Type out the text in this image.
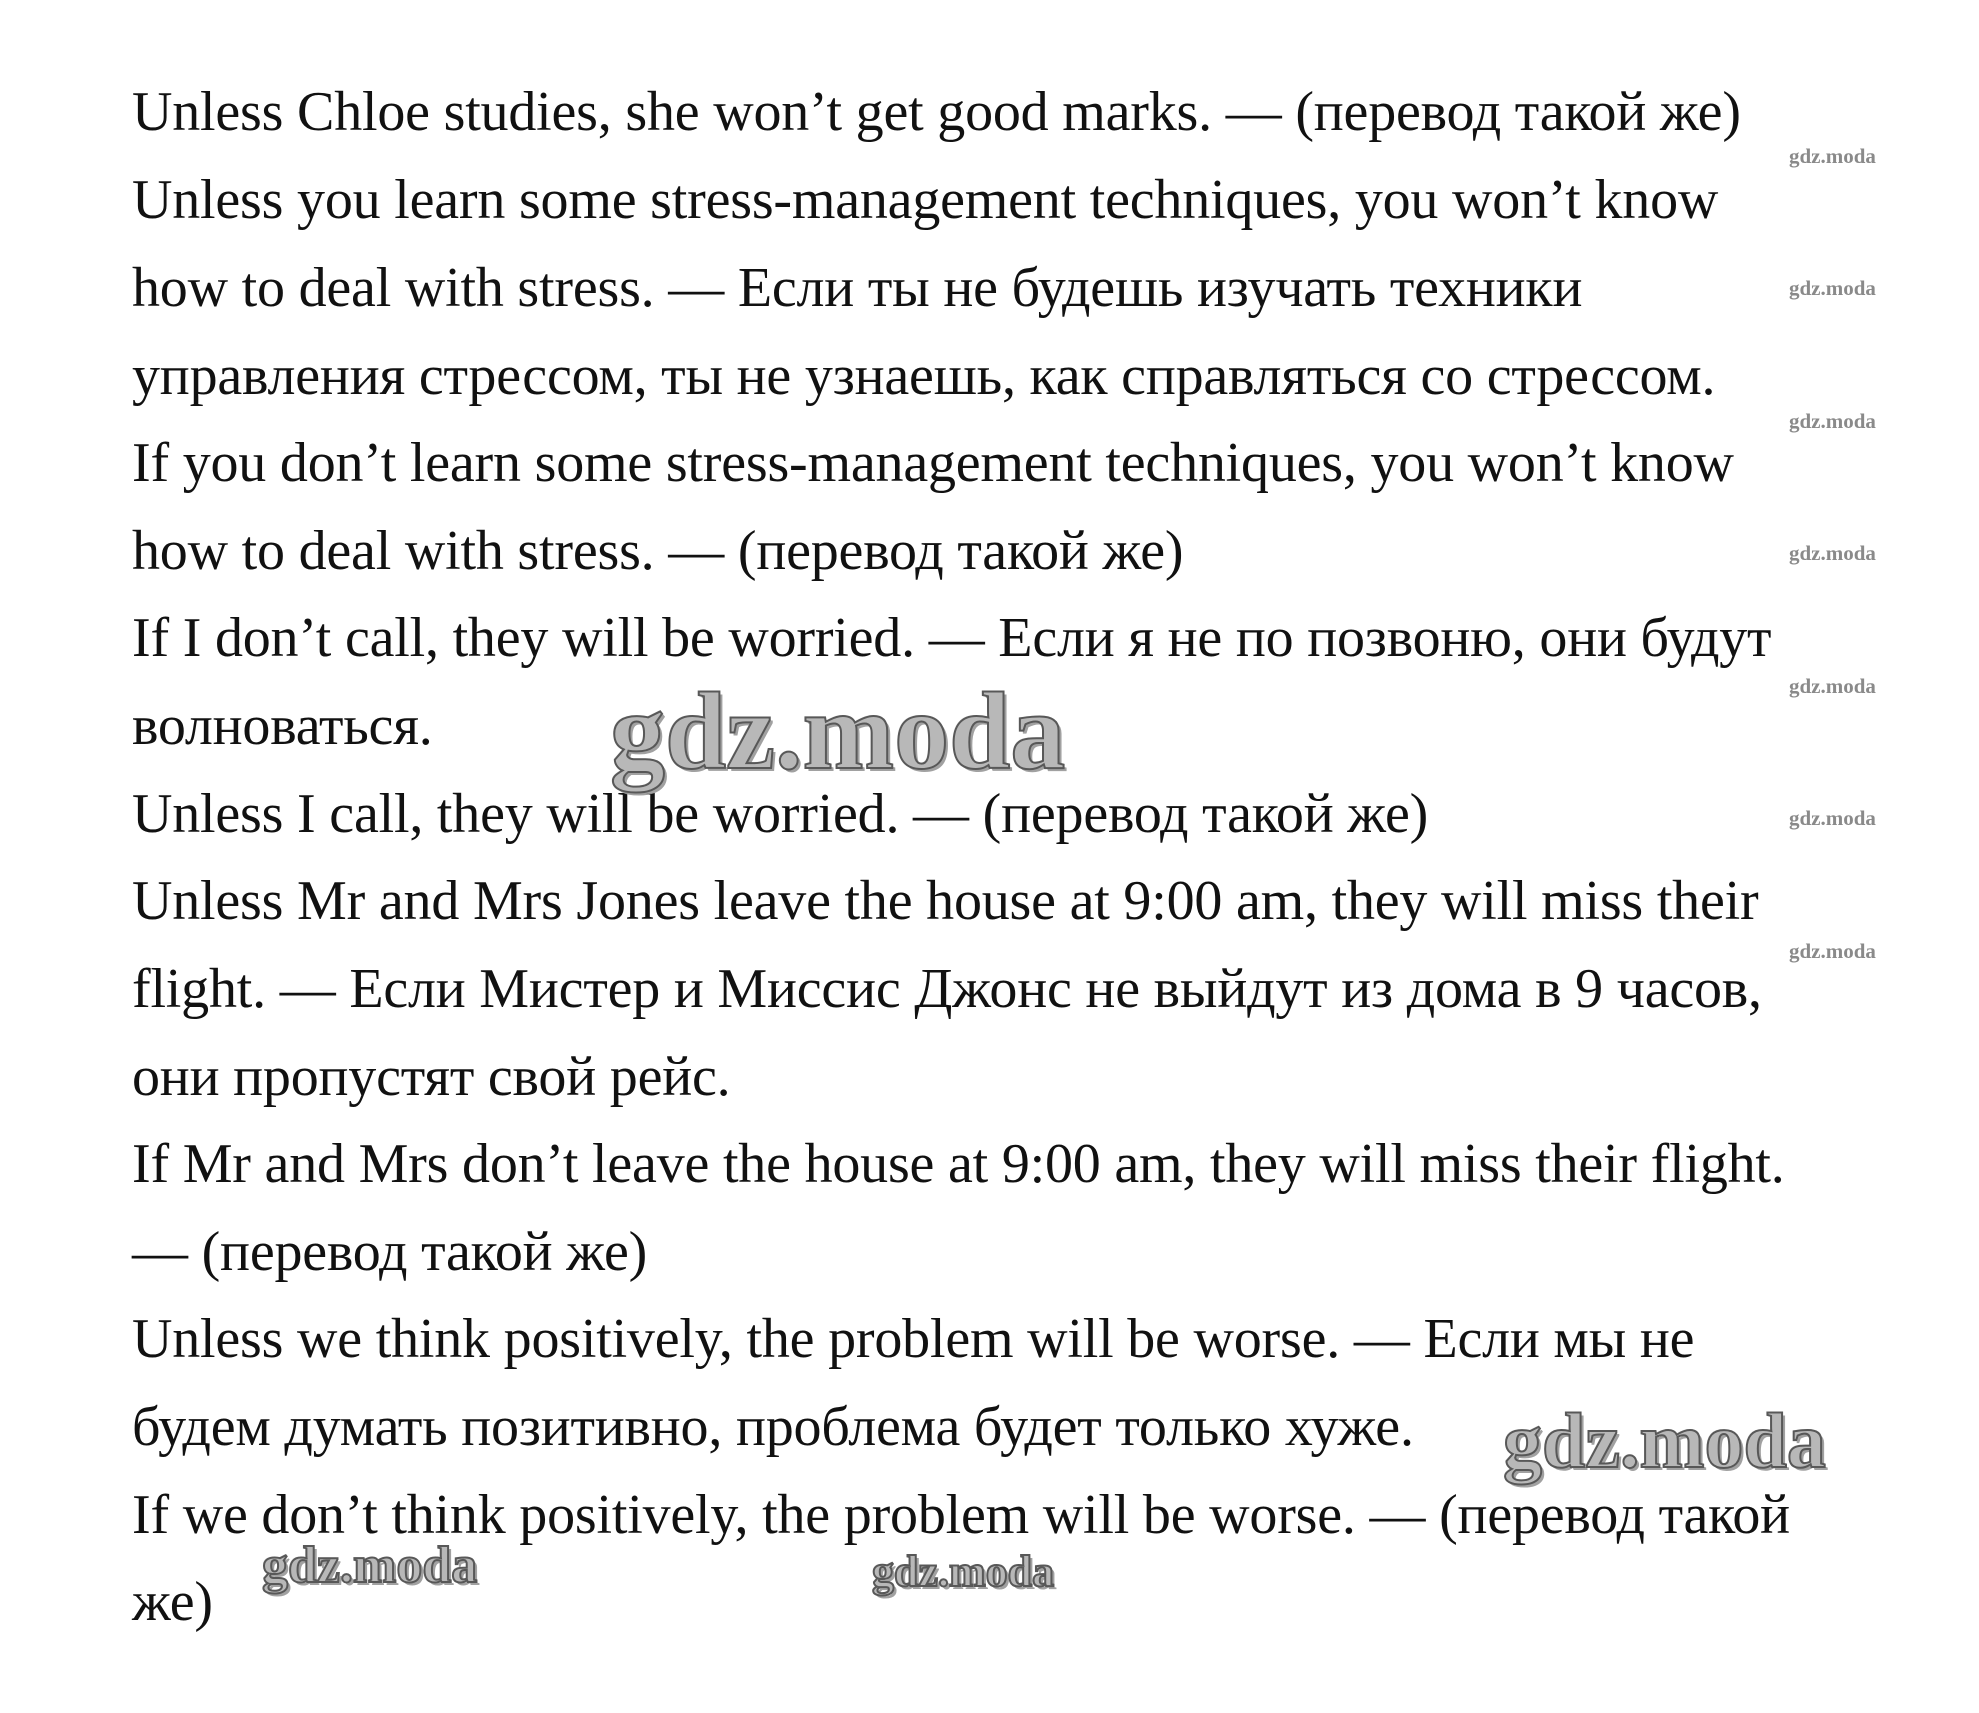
Unless Chloe studies, she won’t get good marks. — (перевод такой же)

Unless you learn some stress-management techniques, you won’t know

how to deal with stress. — Если ты не будешь изучать техники

управления стрессом, ты не узнаешь, как справляться со стрессом.

If you don’t learn some stress-management techniques, you won’t know

how to deal with stress. — (перевод такой же)

If I don’t call, they will be worried. — Если я не по позвоню, они будут

волноваться.

Unless I call, they will be worried. — (перевод такой же)

Unless Mr and Mrs Jones leave the house at 9:00 am, they will miss their

flight. — Если Мистер и Миссис Джонс не выйдут из дома в 9 часов,

они пропустят свой рейс.

If Mr and Mrs don’t leave the house at 9:00 am, they will miss their flight.

— (перевод такой же)

Unless we think positively, the problem will be worse. — Если мы не

будем думать позитивно, проблема будет только хуже.

If we don’t think positively, the problem will be worse. — (перевод такой

же)

gdz.moda
gdz.moda
gdz.moda
gdz.moda
gdz.moda
gdz.moda
gdz.moda
gdz.moda
gdz.moda
gdz.moda	gdz.moda
